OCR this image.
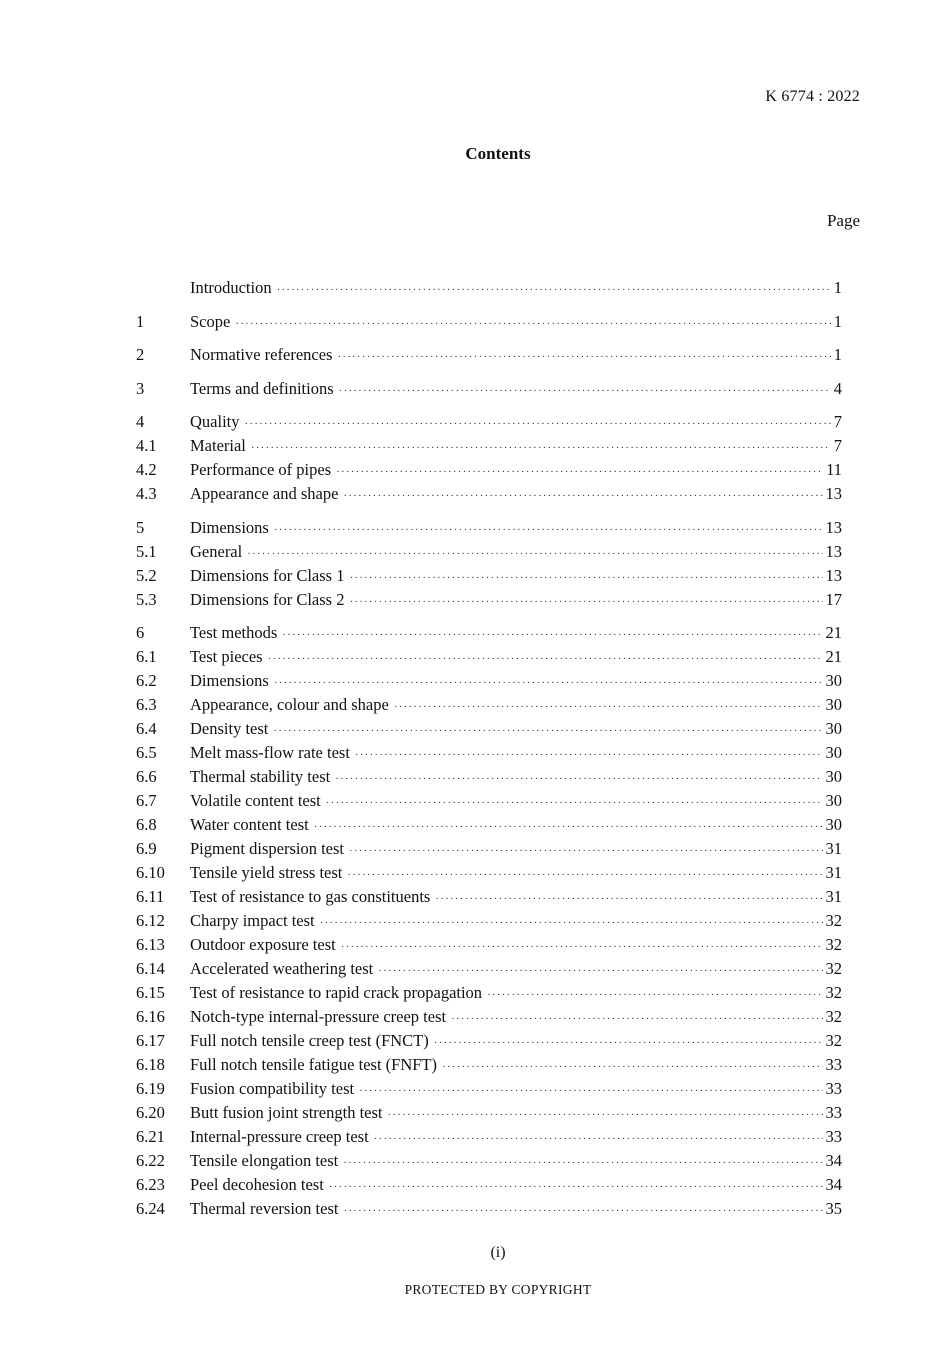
K 6774 : 2022
Contents
Page
Introduction ·····	1
1	Scope ·····	1
2	Normative references ·····	1
3	Terms and definitions ·····	4
4	Quality ·····	7
4.1	Material ·····	7
4.2	Performance of pipes ·····	11
4.3	Appearance and shape ·····	13
5	Dimensions ·····	13
5.1	General ·····	13
5.2	Dimensions for Class 1 ·····	13
5.3	Dimensions for Class 2 ·····	17
6	Test methods ·····	21
6.1	Test pieces ·····	21
6.2	Dimensions ·····	30
6.3	Appearance, colour and shape ·····	30
6.4	Density test ·····	30
6.5	Melt mass-flow rate test ·····	30
6.6	Thermal stability test ·····	30
6.7	Volatile content test ·····	30
6.8	Water content test ·····	30
6.9	Pigment dispersion test ·····	31
6.10	Tensile yield stress test ·····	31
6.11	Test of resistance to gas constituents ·····	31
6.12	Charpy impact test ·····	32
6.13	Outdoor exposure test ·····	32
6.14	Accelerated weathering test ·····	32
6.15	Test of resistance to rapid crack propagation ·····	32
6.16	Notch-type internal-pressure creep test ·····	32
6.17	Full notch tensile creep test (FNCT) ·····	32
6.18	Full notch tensile fatigue test (FNFT) ·····	33
6.19	Fusion compatibility test ·····	33
6.20	Butt fusion joint strength test ·····	33
6.21	Internal-pressure creep test ·····	33
6.22	Tensile elongation test ·····	34
6.23	Peel decohesion test ·····	34
6.24	Thermal reversion test ·····	35
(i)
PROTECTED BY COPYRIGHT
